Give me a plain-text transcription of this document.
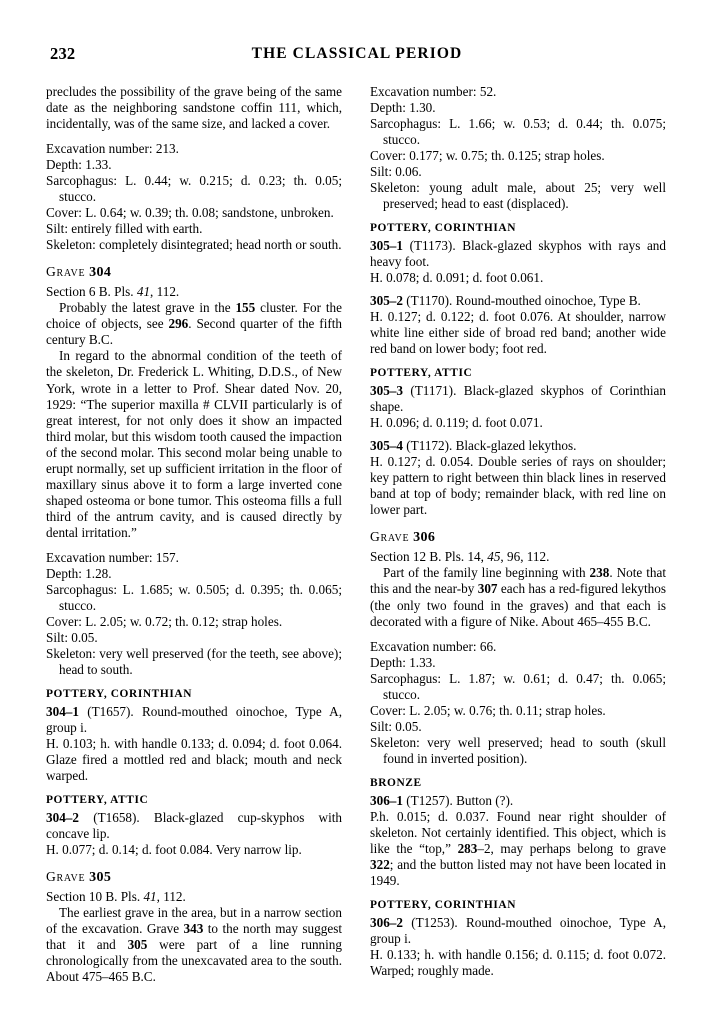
232	THE CLASSICAL PERIOD

precludes the possibility of the grave being of the same date as the neighboring sandstone coffin 111, which, incidentally, was of the same size, and lacked a cover.

Excavation number: 213.

Depth: 1.33.

Sarcophagus: L. 0.44; w. 0.215; d. 0.23; th. 0.05; stucco.

Cover: L. 0.64; w. 0.39; th. 0.08; sandstone, unbroken.

Silt: entirely filled with earth.

Skeleton: completely disintegrated; head north or south.

Grave 304

Section 6 B. Pls. 41, 112.

Probably the latest grave in the 155 cluster. For the choice of objects, see 296. Second quarter of the fifth century B.C.

In regard to the abnormal condition of the teeth of the skeleton, Dr. Frederick L. Whiting, D.D.S., of New York, wrote in a letter to Prof. Shear dated Nov. 20, 1929: “The superior maxilla # CLVII particularly is of great interest, for not only does it show an impacted third molar, but this wisdom tooth caused the impaction of the second molar. This second molar being unable to erupt normally, set up sufficient irritation in the floor of maxillary sinus above it to form a large inverted cone shaped osteoma or bone tumor. This osteoma fills a full third of the antrum cavity, and is caused directly by dental irritation.”

Excavation number: 157.

Depth: 1.28.

Sarcophagus: L. 1.685; w. 0.505; d. 0.395; th. 0.065; stucco.

Cover: L. 2.05; w. 0.72; th. 0.12; strap holes.

Silt: 0.05.

Skeleton: very well preserved (for the teeth, see above); head to south.

POTTERY, CORINTHIAN

304–1 (T1657). Round-mouthed oinochoe, Type A, group i.

H. 0.103; h. with handle 0.133; d. 0.094; d. foot 0.064. Glaze fired a mottled red and black; mouth and neck warped.

POTTERY, ATTIC

304–2 (T1658). Black-glazed cup-skyphos with concave lip.

H. 0.077; d. 0.14; d. foot 0.084. Very narrow lip.

Grave 305

Section 10 B. Pls. 41, 112.

The earliest grave in the area, but in a narrow section of the excavation. Grave 343 to the north may suggest that it and 305 were part of a line running chronologically from the unexcavated area to the south. About 475–465 B.C.

Excavation number: 52.

Depth: 1.30.

Sarcophagus: L. 1.66; w. 0.53; d. 0.44; th. 0.075; stucco.

Cover: 0.177; w. 0.75; th. 0.125; strap holes.

Silt: 0.06.

Skeleton: young adult male, about 25; very well preserved; head to east (displaced).

POTTERY, CORINTHIAN

305–1 (T1173). Black-glazed skyphos with rays and heavy foot.

H. 0.078; d. 0.091; d. foot 0.061.

305–2 (T1170). Round-mouthed oinochoe, Type B.

H. 0.127; d. 0.122; d. foot 0.076. At shoulder, narrow white line either side of broad red band; another wide red band on lower body; foot red.

POTTERY, ATTIC

305–3 (T1171). Black-glazed skyphos of Corinthian shape.

H. 0.096; d. 0.119; d. foot 0.071.

305–4 (T1172). Black-glazed lekythos.

H. 0.127; d. 0.054. Double series of rays on shoulder; key pattern to right between thin black lines in reserved band at top of body; remainder black, with red line on lower part.

Grave 306

Section 12 B. Pls. 14, 45, 96, 112.

Part of the family line beginning with 238. Note that this and the near-by 307 each has a red-figured lekythos (the only two found in the graves) and that each is decorated with a figure of Nike. About 465–455 B.C.

Excavation number: 66.

Depth: 1.33.

Sarcophagus: L. 1.87; w. 0.61; d. 0.47; th. 0.065; stucco.

Cover: L. 2.05; w. 0.76; th. 0.11; strap holes.

Silt: 0.05.

Skeleton: very well preserved; head to south (skull found in inverted position).

BRONZE

306–1 (T1257). Button (?).

P.h. 0.015; d. 0.037. Found near right shoulder of skeleton. Not certainly identified. This object, which is like the “top,” 283–2, may perhaps belong to grave 322; and the button listed may not have been located in 1949.

POTTERY, CORINTHIAN

306–2 (T1253). Round-mouthed oinochoe, Type A, group i.

H. 0.133; h. with handle 0.156; d. 0.115; d. foot 0.072. Warped; roughly made.
